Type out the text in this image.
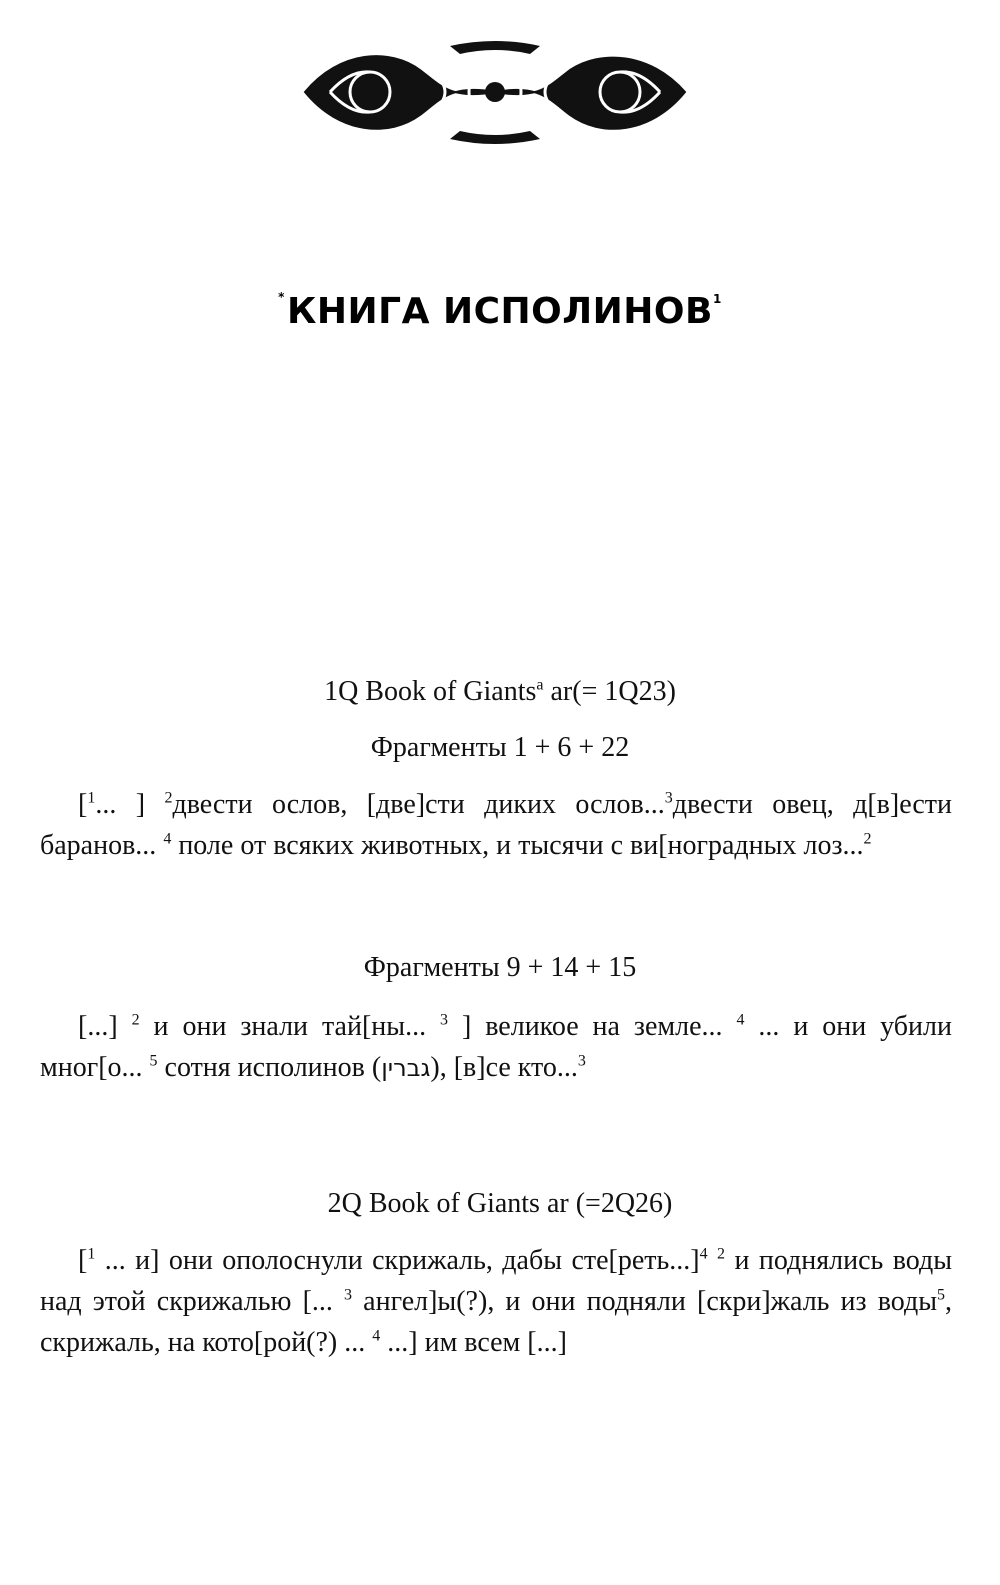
*КНИГА ИСПОЛИНОВ$^1$
1Q Book of Giants$^a$ ar(= 1Q23)
Фрагменты 1 + 6 + 22
[$^1$... ] $^2$двести ослов, [две]сти диких ослов...$^3$двести овец, д[в]ести баранов... $^4$ поле от всяких животных, и тысячи с ви[ноградных лоз...$^2$
Фрагменты 9 + 14 + 15
[...] $^2$ и они знали тай[ны... $^3$ ] великое на земле... $^4$ ... и они убили мног[о... $^5$ сотня исполинов (גברין), [в]се кто...$^3$
2Q Book of Giants ar (=2Q26)
[$^1$ ... и] они ополоснули скрижаль, дабы сте[реть...]$^4$ $^2$ и поднялись воды над этой скрижалью [... $^3$ ангел]ы(?), и они подняли [скри]жаль из воды$^5$, скрижаль, на кото[рой(?) ... $^4$ ...] им всем [...]
